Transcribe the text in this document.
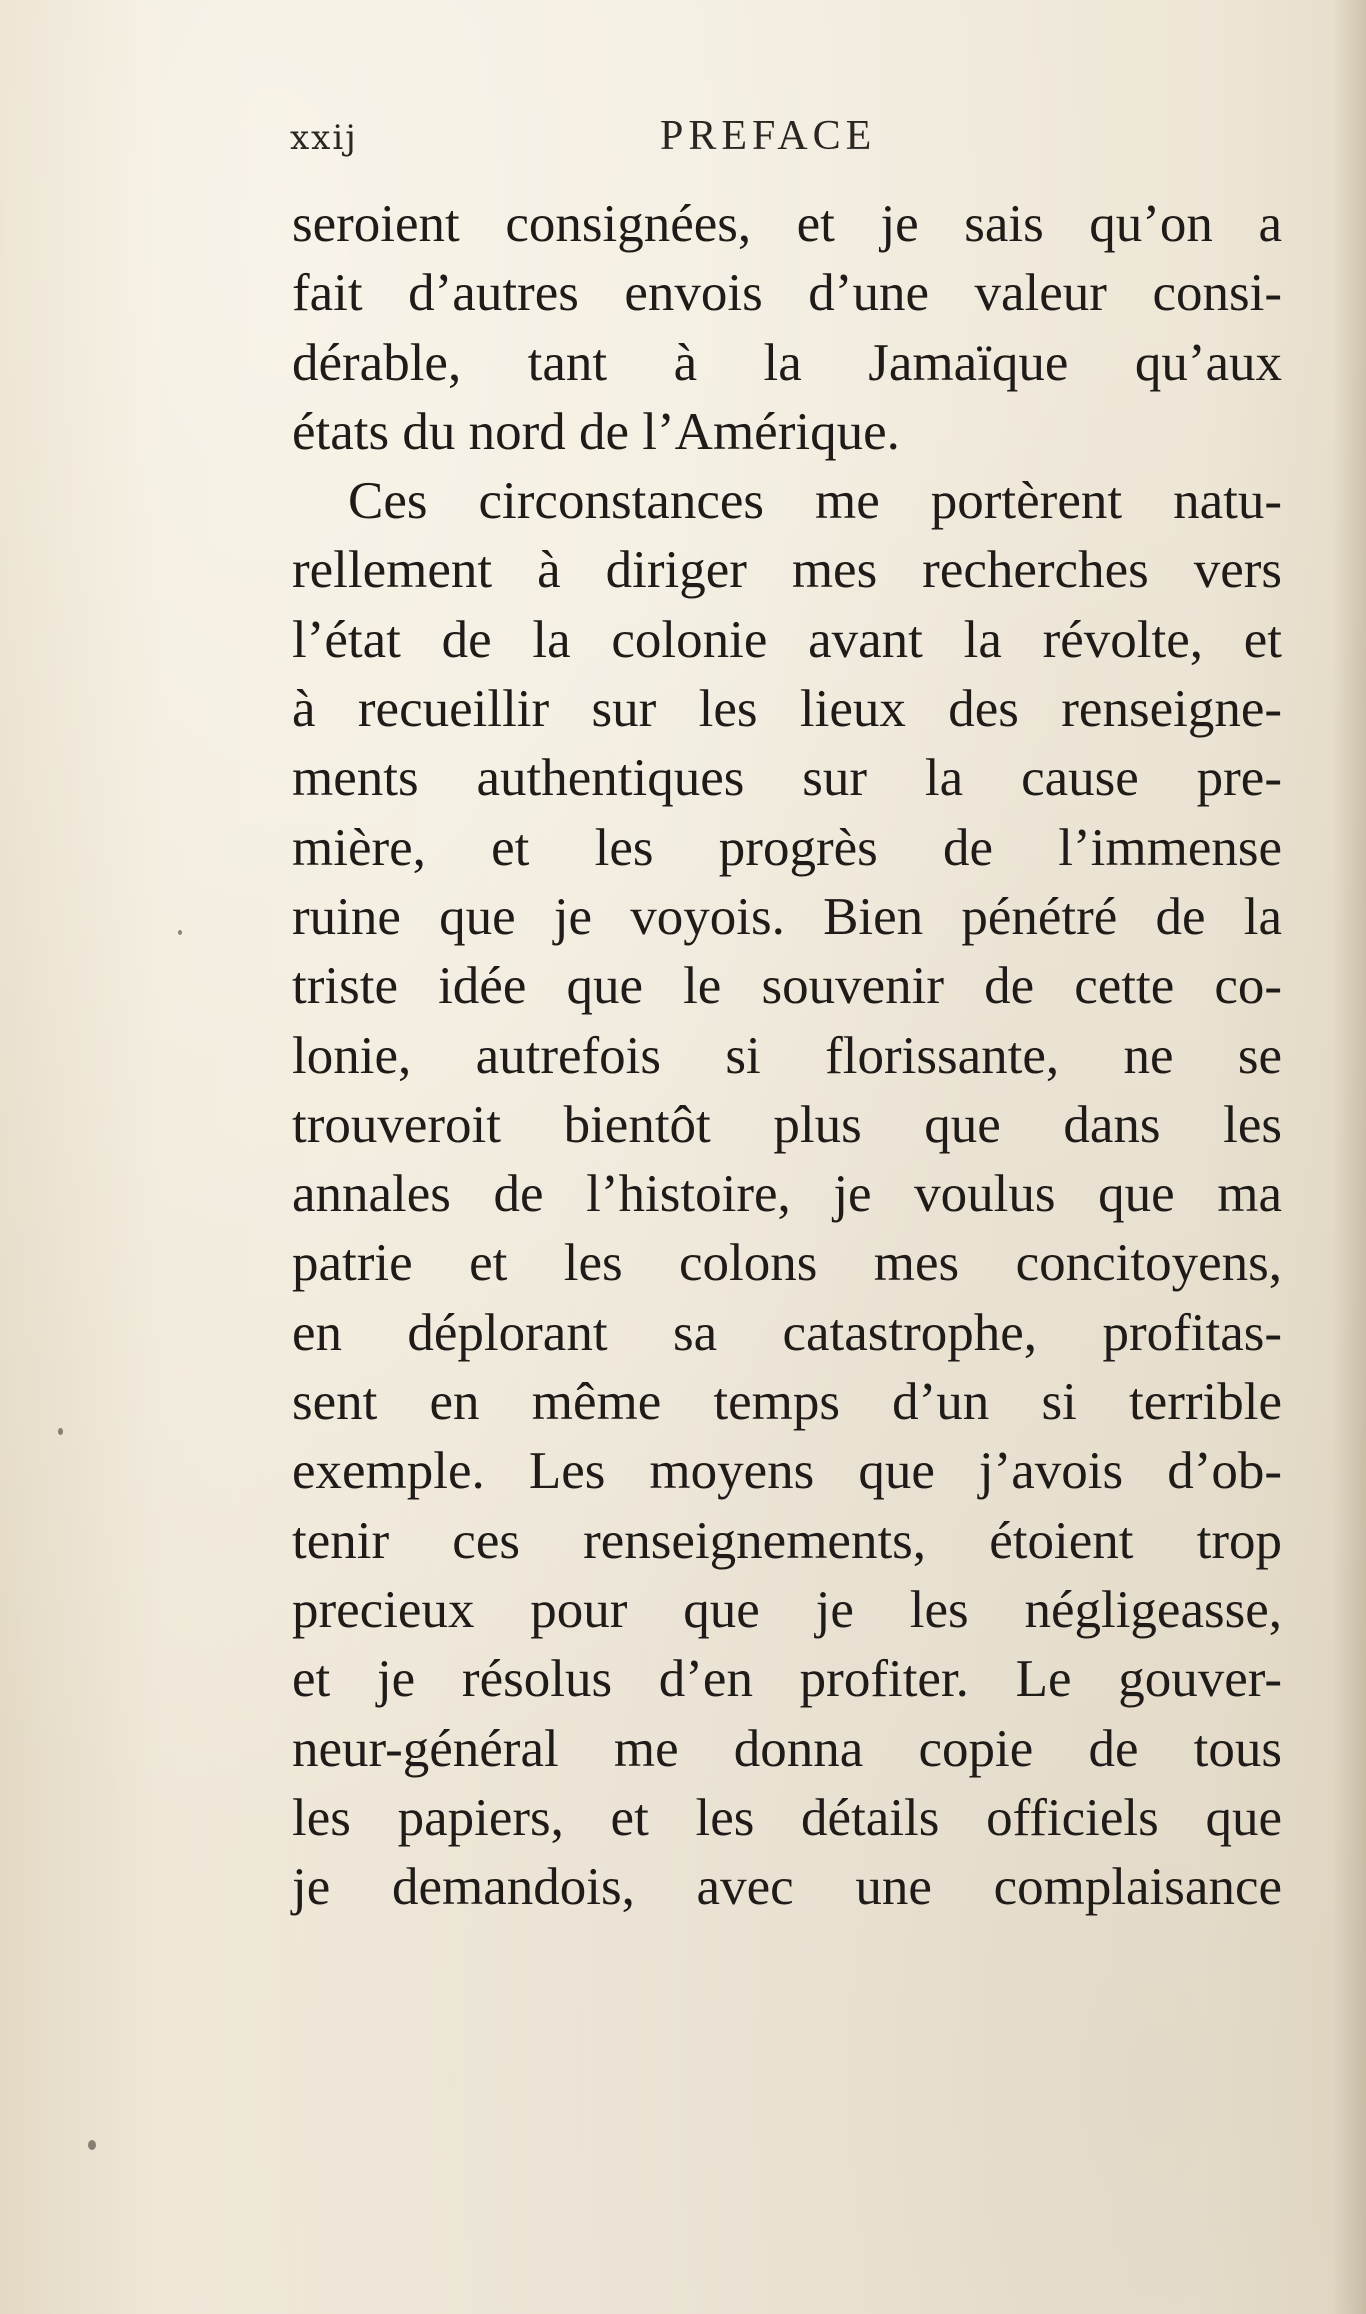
xxij	PREFACE
seroient consignées, et je sais qu’on a
fait d’autres envois d’une valeur consi-
dérable, tant à la Jamaïque qu’aux
états du nord de l’Amérique.
Ces circonstances me portèrent natu-
rellement à diriger mes recherches vers
l’état de la colonie avant la révolte, et
à recueillir sur les lieux des renseigne-
ments authentiques sur la cause pre-
mière, et les progrès de l’immense
ruine que je voyois. Bien pénétré de la
triste idée que le souvenir de cette co-
lonie, autrefois si florissante, ne se
trouveroit bientôt plus que dans les
annales de l’histoire, je voulus que ma
patrie et les colons mes concitoyens,
en déplorant sa catastrophe, profitas-
sent en même temps d’un si terrible
exemple. Les moyens que j’avois d’ob-
tenir ces renseignements, étoient trop
precieux pour que je les négligeasse,
et je résolus d’en profiter. Le gouver-
neur-général me donna copie de tous
les papiers, et les détails officiels que
je demandois, avec une complaisance
